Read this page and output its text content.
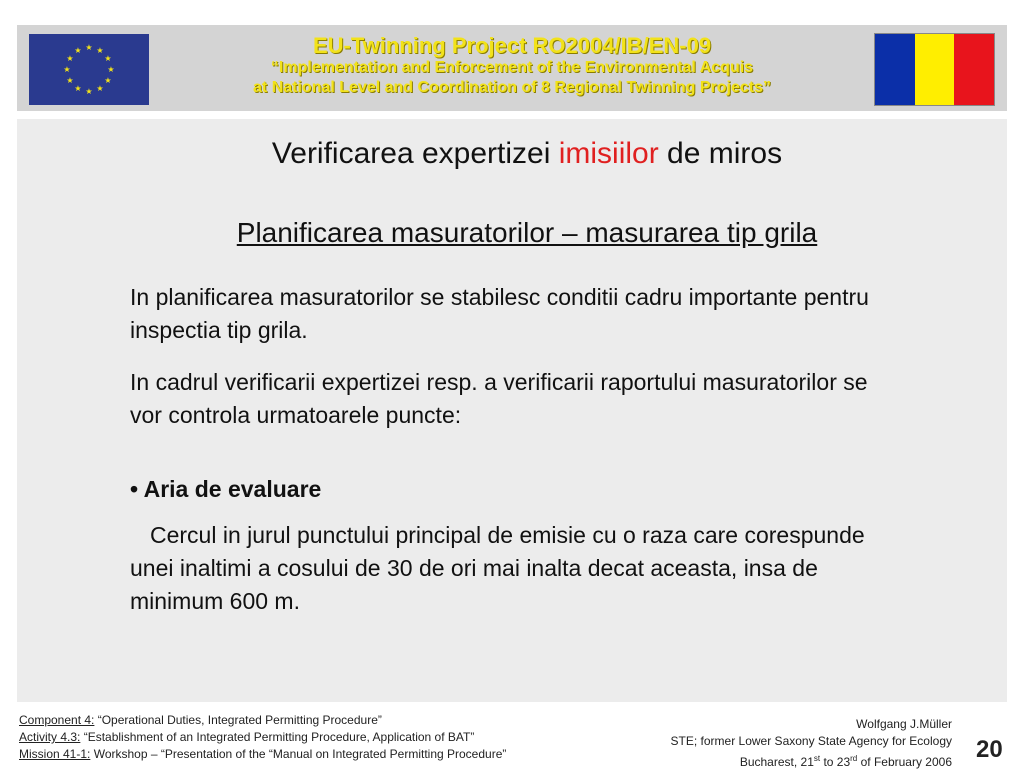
★ ★
★
★
★
★
★
★
★
★
★
★	EU-Twinning Project RO2004/IB/EN-09
“Implementation and Enforcement of the Environmental Acquis
at National Level and Coordination of 8 Regional Twinning Projects”
Verificarea expertizei imisiilor de miros
Planificarea masuratorilor – masurarea tip grila
In planificarea masuratorilor se stabilesc conditii cadru importante pentru inspectia tip grila.
In cadrul verificarii expertizei resp. a verificarii raportului masuratorilor se vor controla urmatoarele puncte:
• Aria de evaluare
Cercul in jurul punctului principal de emisie cu o raza care corespunde unei inaltimi a cosului de 30 de ori mai inalta decat aceasta, insa de minimum 600 m.
Component 4: “Operational Duties, Integrated Permitting Procedure”
Activity 4.3: “Establishment of an Integrated Permitting Procedure, Application of BAT”
Mission 41-1: Workshop – “Presentation of the “Manual on Integrated Permitting Procedure”
Wolfgang J.Müller
STE; former Lower Saxony State Agency for Ecology
Bucharest, 21st to 23rd of February 2006 20
